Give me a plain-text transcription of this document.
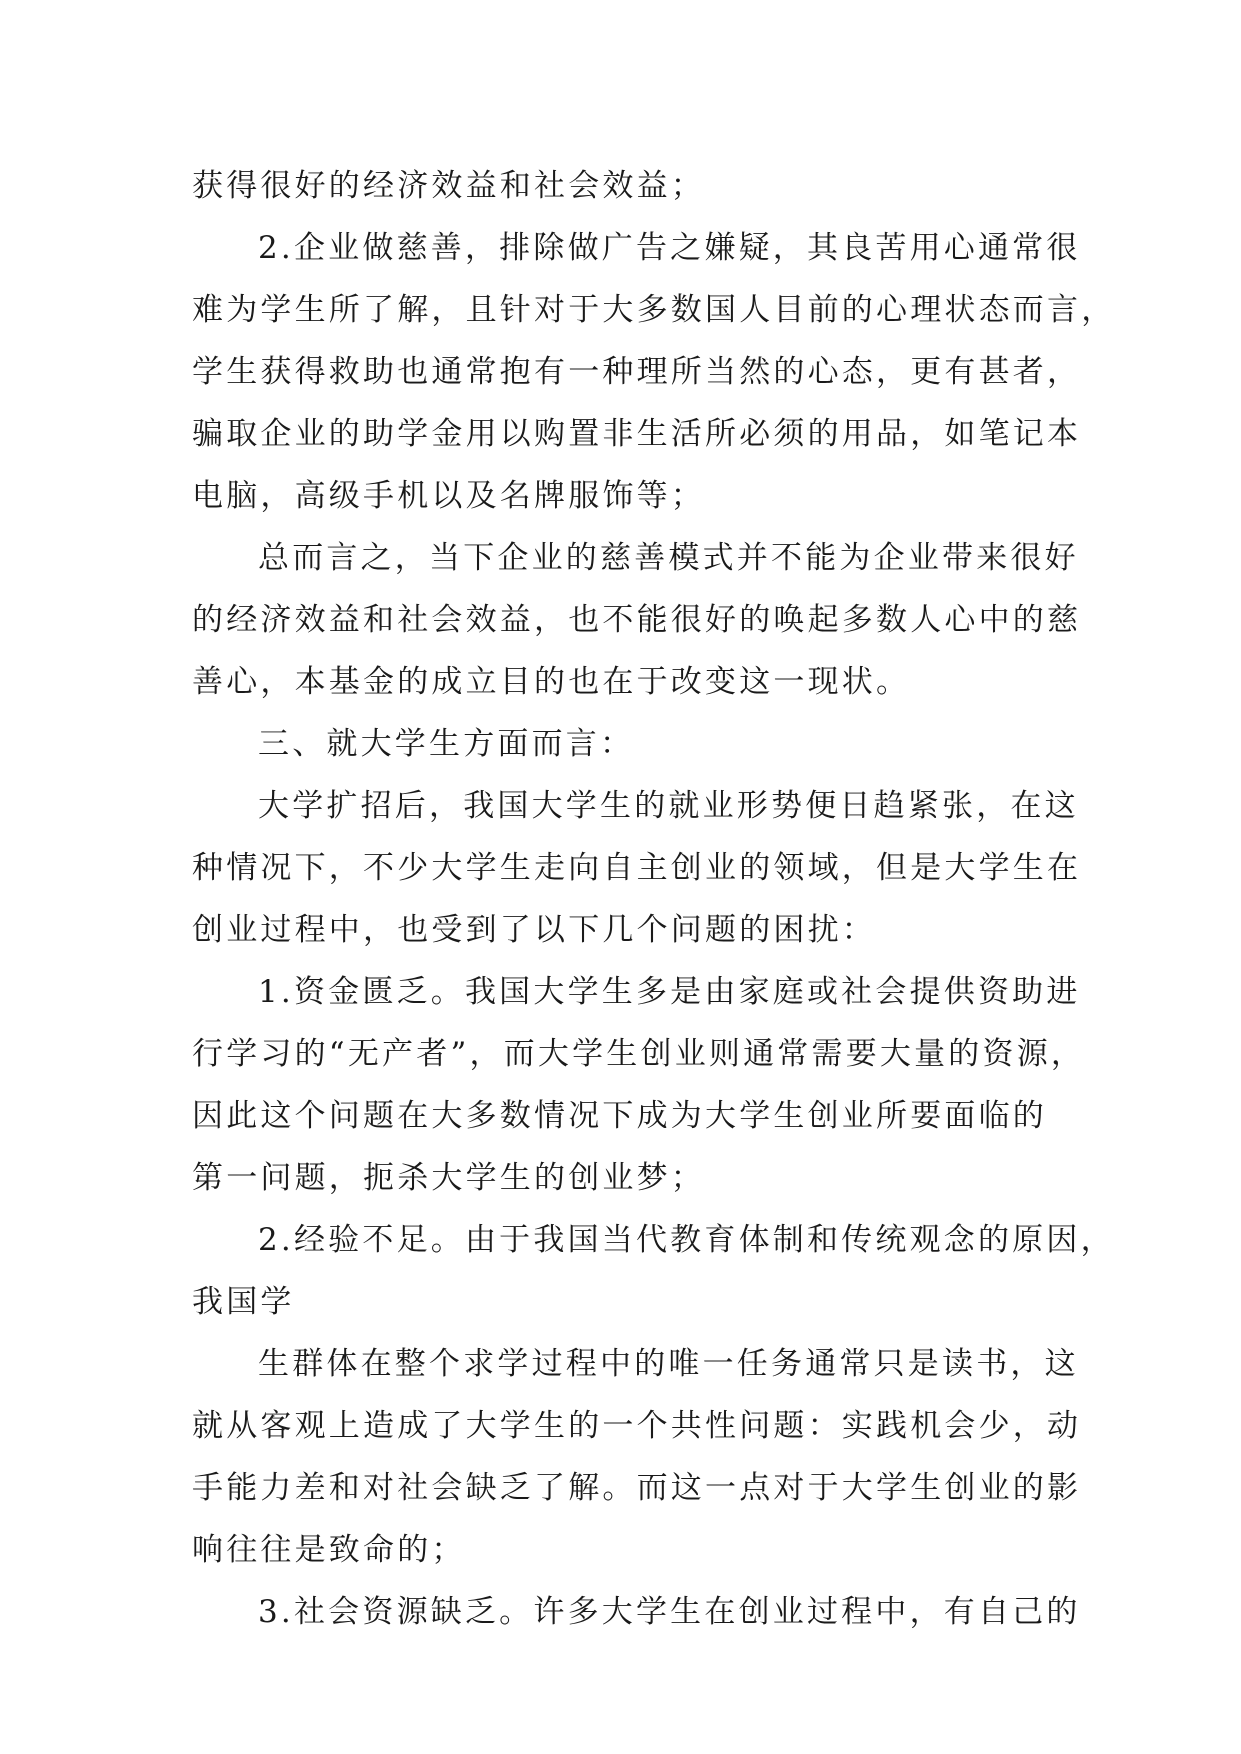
获得很好的经济效益和社会效益；
2.企业做慈善，排除做广告之嫌疑，其良苦用心通常很
难为学生所了解，且针对于大多数国人目前的心理状态而言，
学生获得救助也通常抱有一种理所当然的心态，更有甚者，
骗取企业的助学金用以购置非生活所必须的用品，如笔记本
电脑，高级手机以及名牌服饰等；
总而言之，当下企业的慈善模式并不能为企业带来很好
的经济效益和社会效益，也不能很好的唤起多数人心中的慈
善心，本基金的成立目的也在于改变这一现状。
三、就大学生方面而言：
大学扩招后，我国大学生的就业形势便日趋紧张，在这
种情况下，不少大学生走向自主创业的领域，但是大学生在
创业过程中，也受到了以下几个问题的困扰：
1.资金匮乏。我国大学生多是由家庭或社会提供资助进
行学习的“无产者”，而大学生创业则通常需要大量的资源，
因此这个问题在大多数情况下成为大学生创业所要面临的
第一问题，扼杀大学生的创业梦；
2.经验不足。由于我国当代教育体制和传统观念的原因，
我国学
生群体在整个求学过程中的唯一任务通常只是读书，这
就从客观上造成了大学生的一个共性问题：实践机会少，动
手能力差和对社会缺乏了解。而这一点对于大学生创业的影
响往往是致命的；
3.社会资源缺乏。许多大学生在创业过程中，有自己的
